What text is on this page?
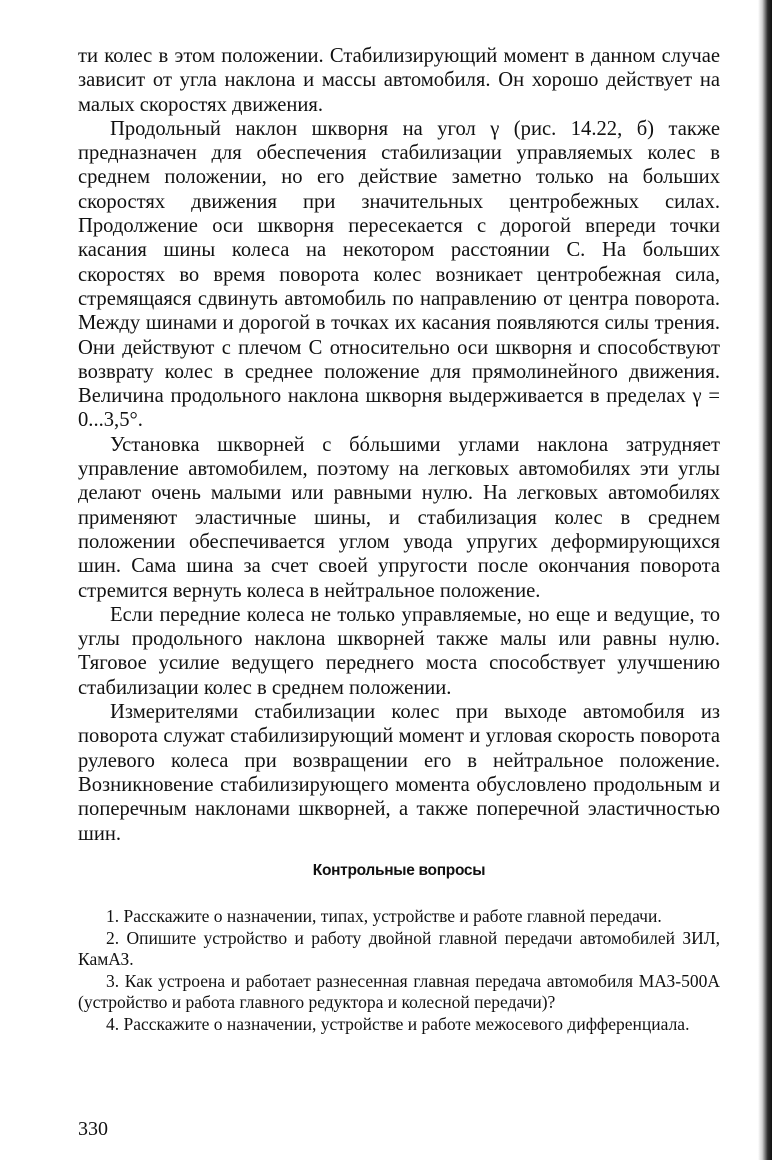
ти колес в этом положении. Стабилизирующий момент в данном случае зависит от угла наклона и массы автомобиля. Он хорошо действует на малых скоростях движения.

Продольный наклон шкворня на угол γ (рис. 14.22, б) также предназначен для обеспечения стабилизации управляемых колес в среднем положении, но его действие заметно только на больших скоростях движения при значительных центробежных силах. Продолжение оси шкворня пересекается с дорогой впереди точки касания шины колеса на некотором расстоянии C. На больших скоростях во время поворота колес возникает центробежная сила, стремящаяся сдвинуть автомобиль по направлению от центра поворота. Между шинами и дорогой в точках их касания появляются силы трения. Они действуют с плечом C относительно оси шкворня и способствуют возврату колес в среднее положение для прямолинейного движения. Величина продольного наклона шкворня выдерживается в пределах γ = 0...3,5°.

Установка шкворней с бóльшими углами наклона затрудняет управление автомобилем, поэтому на легковых автомобилях эти углы делают очень малыми или равными нулю. На легковых автомобилях применяют эластичные шины, и стабилизация колес в среднем положении обеспечивается углом увода упругих деформирующихся шин. Сама шина за счет своей упругости после окончания поворота стремится вернуть колеса в нейтральное положение.

Если передние колеса не только управляемые, но еще и ведущие, то углы продольного наклона шкворней также малы или равны нулю. Тяговое усилие ведущего переднего моста способствует улучшению стабилизации колес в среднем положении.

Измерителями стабилизации колес при выходе автомобиля из поворота служат стабилизирующий момент и угловая скорость поворота рулевого колеса при возвращении его в нейтральное положение. Возникновение стабилизирующего момента обусловлено продольным и поперечным наклонами шкворней, а также поперечной эластичностью шин.

Контрольные вопросы

1. Расскажите о назначении, типах, устройстве и работе главной передачи.

2. Опишите устройство и работу двойной главной передачи автомобилей ЗИЛ, КамАЗ.

3. Как устроена и работает разнесенная главная передача автомобиля МАЗ-500А (устройство и работа главного редуктора и колесной передачи)?

4. Расскажите о назначении, устройстве и работе межосевого дифференциала.

330
